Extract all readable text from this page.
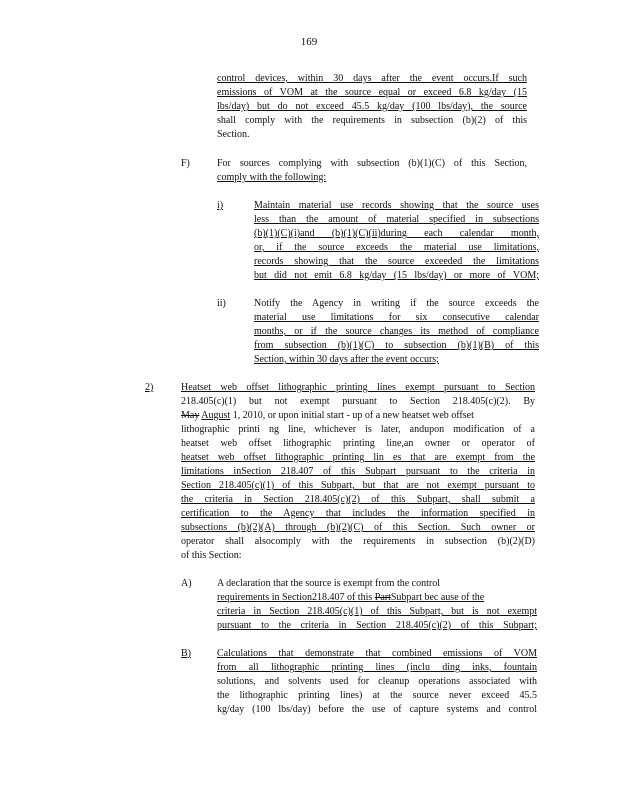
169
control devices, within 30 days after the event occurs.If such
emissions of VOM at the source equal or exceed 6.8 kg/day (15
lbs/day) but do not exceed 45.5 kg/day (100 lbs/day), the source
shall comply with the requirements in subsection (b)(2) of this
Section.
F)	For sources complying with subsection (b)(1)(C) of this Section,
comply with the following:
i)	Maintain material use records showing that the source uses
less than the amount of material specified in subsections
(b)(1)(C)(i)and (b)(1)(C)(ii)during each calendar month,
or, if the source exceeds the material use limitations,
records showing that the source exceeded the limitations
but did not emit 6.8 kg/day (15 lbs/day) or more of VOM;
ii)	Notify the Agency in writing if the source exceeds the
material use limitations for six consecutive calendar
months, or if the source changes its method of compliance
from subsection (b)(1)(C) to subsection (b)(1)(B) of this
Section, within 30 days after the event occurs;
2)	Heatset web offset lithographic printing lines exempt pursuant to Section
218.405(c)(1) but not exempt pursuant to Section 218.405(c)(2). By
May August 1, 2010, or upon initial start - up of a new heatset web offset
lithographic printi ng line, whichever is later, andupon modification of a
heatset web offset lithographic printing line,an owner or operator of
heatset web offset lithographic printing lin es that are exempt from the
limitations inSection 218.407 of this Subpart pursuant to the criteria in
Section 218.405(c)(1) of this Subpart, but that are not exempt pursuant to
the criteria in Section 218.405(c)(2) of this Subpart, shall submit a
certification to the Agency that includes the information specified in
subsections (b)(2)(A) through (b)(2)(C) of this Section. Such owner or
operator shall alsocomply with the requirements in subsection (b)(2)(D)
of this Section:
A)	A declaration that the source is exempt from the control
requirements in Section218.407 of this PartSubpart bec ause of the
criteria in Section 218.405(c)(1) of this Subpart, but is not exempt
pursuant to the criteria in Section 218.405(c)(2) of this Subpart;
B)	Calculations that demonstrate that combined emissions of VOM
from all lithographic printing lines (inclu ding inks, fountain
solutions, and solvents used for cleanup operations associated with
the lithographic printing lines) at the source never exceed 45.5
kg/day (100 lbs/day) before the use of capture systems and control
